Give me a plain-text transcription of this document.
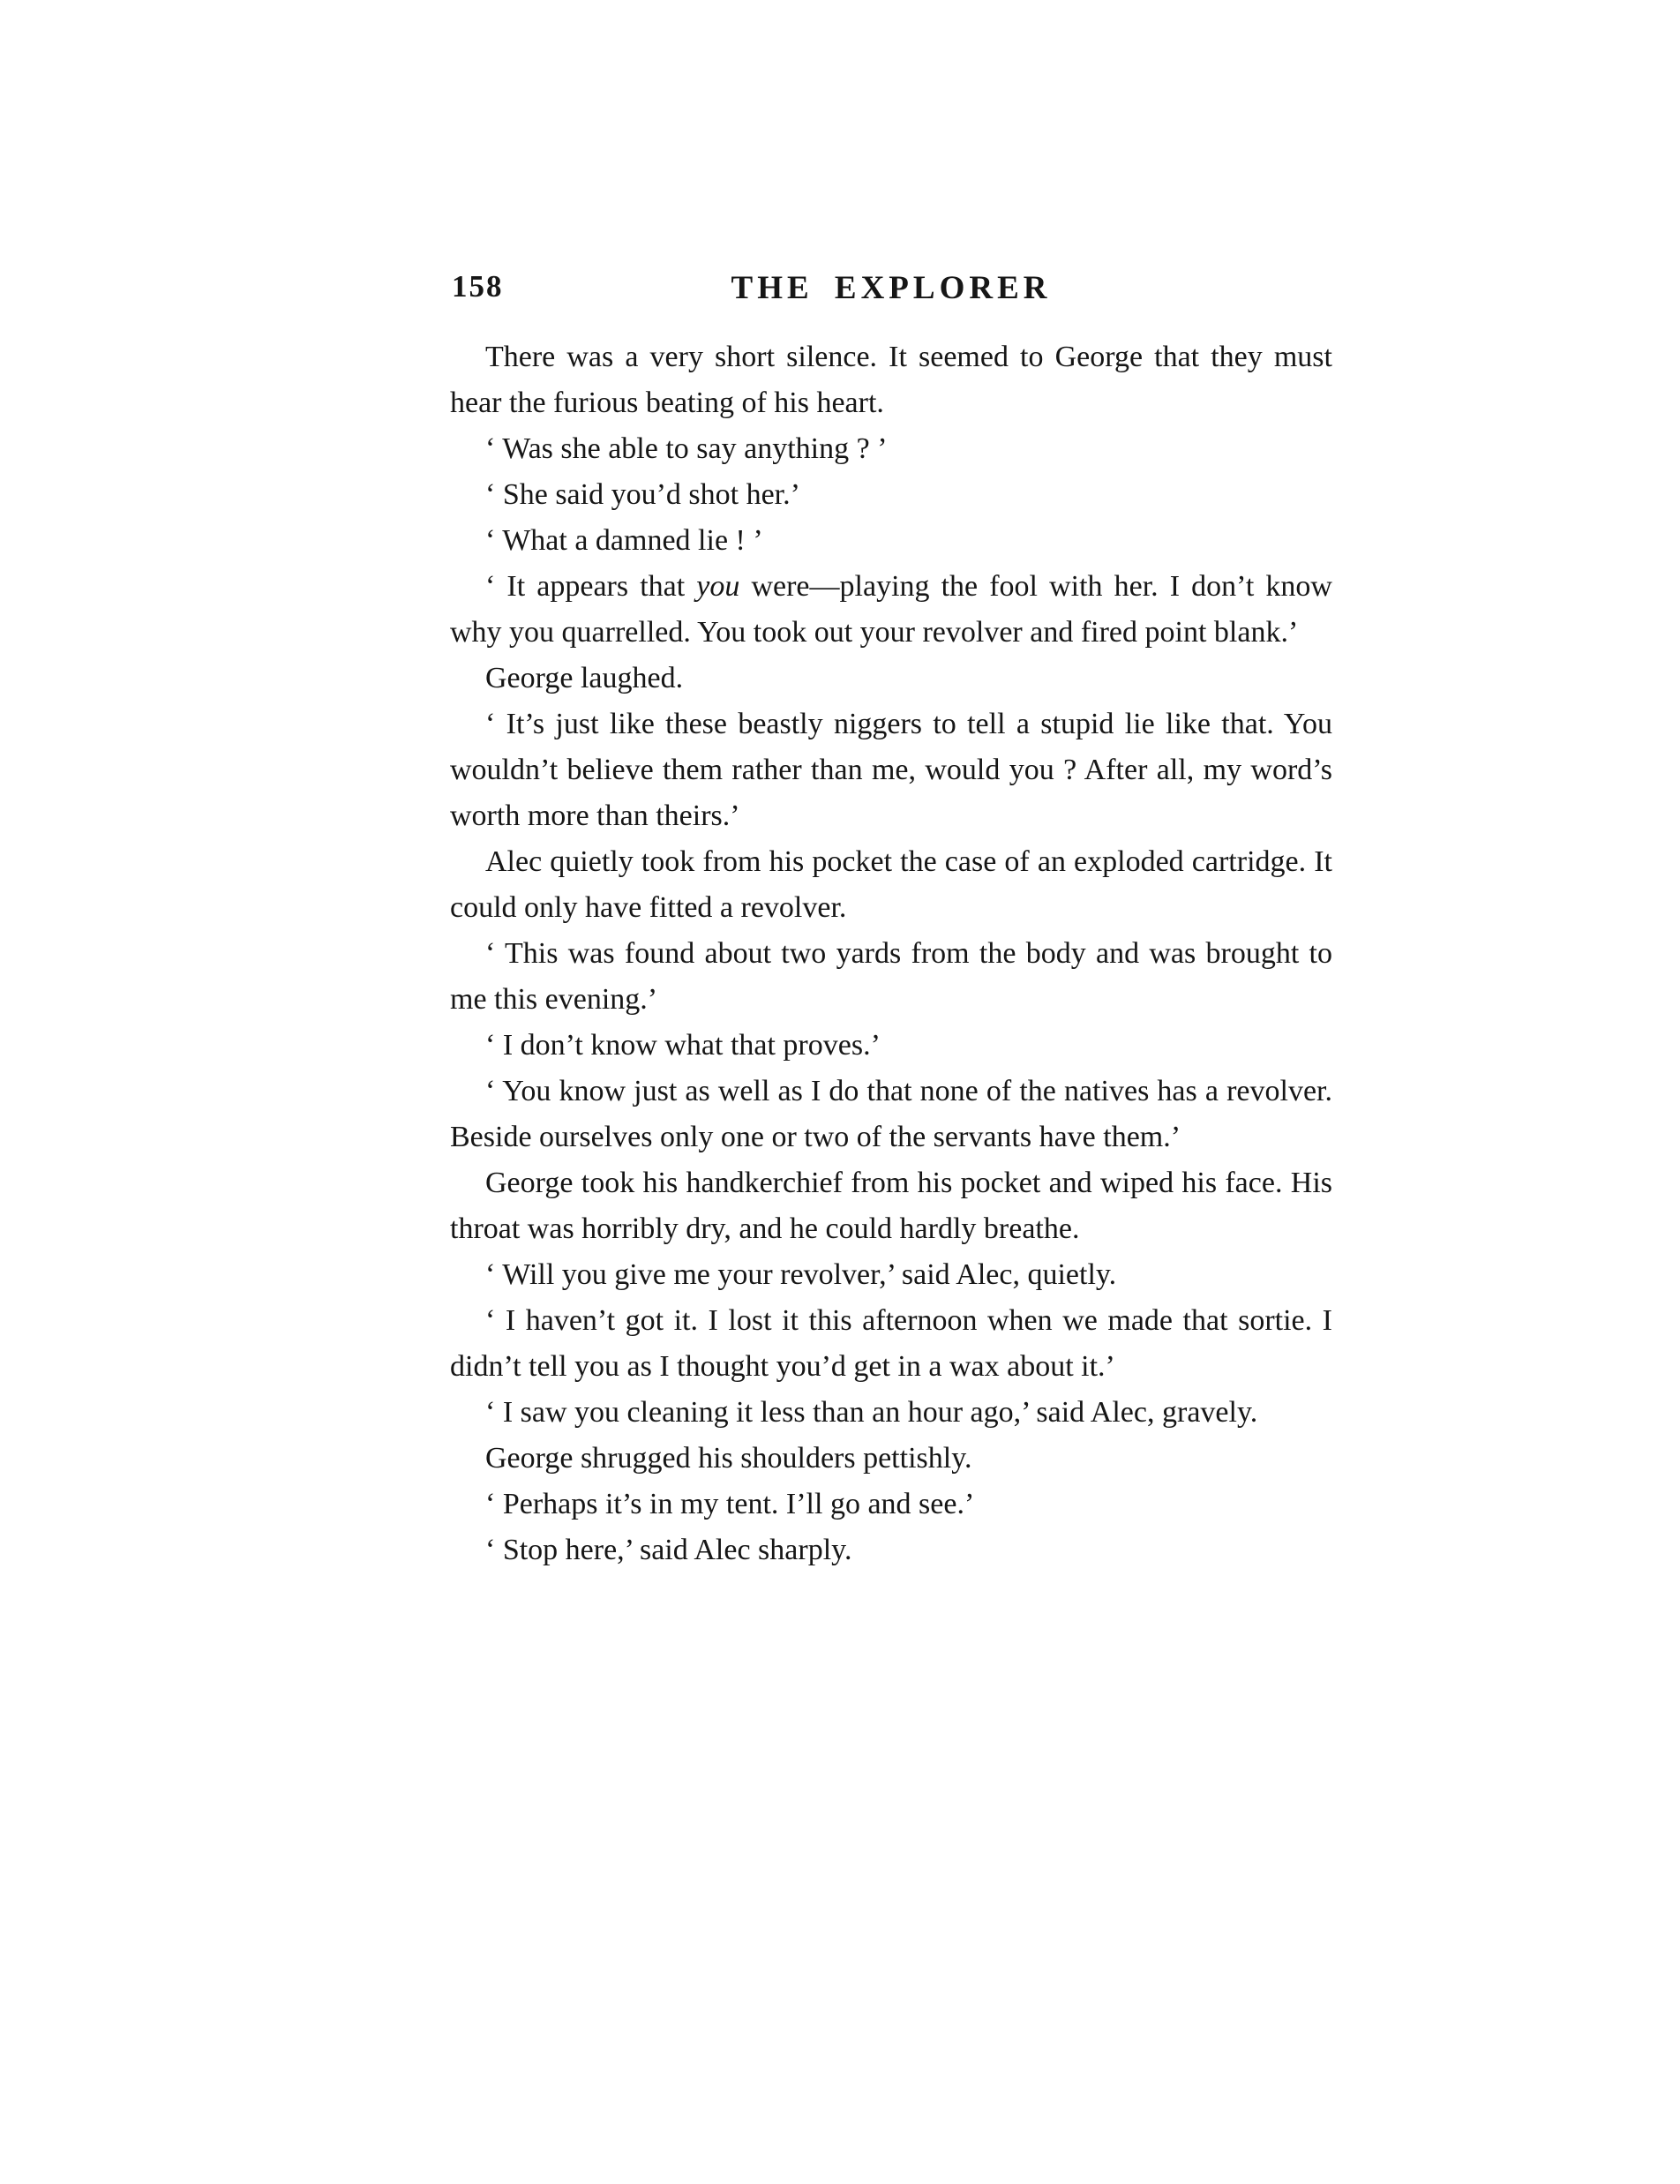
158	THE EXPLORER

There was a very short silence. It seemed to George that they must hear the furious beating of his heart.

‘ Was she able to say anything ? ’

‘ She said you’d shot her.’

‘ What a damned lie ! ’

‘ It appears that you were—playing the fool with her. I don’t know why you quarrelled. You took out your revolver and fired point blank.’

George laughed.

‘ It’s just like these beastly niggers to tell a stupid lie like that. You wouldn’t believe them rather than me, would you ? After all, my word’s worth more than theirs.’

Alec quietly took from his pocket the case of an exploded cartridge. It could only have fitted a revolver.

‘ This was found about two yards from the body and was brought to me this evening.’

‘ I don’t know what that proves.’

‘ You know just as well as I do that none of the natives has a revolver. Beside ourselves only one or two of the servants have them.’

George took his handkerchief from his pocket and wiped his face. His throat was horribly dry, and he could hardly breathe.

‘ Will you give me your revolver,’ said Alec, quietly.

‘ I haven’t got it. I lost it this afternoon when we made that sortie. I didn’t tell you as I thought you’d get in a wax about it.’

‘ I saw you cleaning it less than an hour ago,’ said Alec, gravely.

George shrugged his shoulders pettishly.

‘ Perhaps it’s in my tent. I’ll go and see.’

‘ Stop here,’ said Alec sharply.
